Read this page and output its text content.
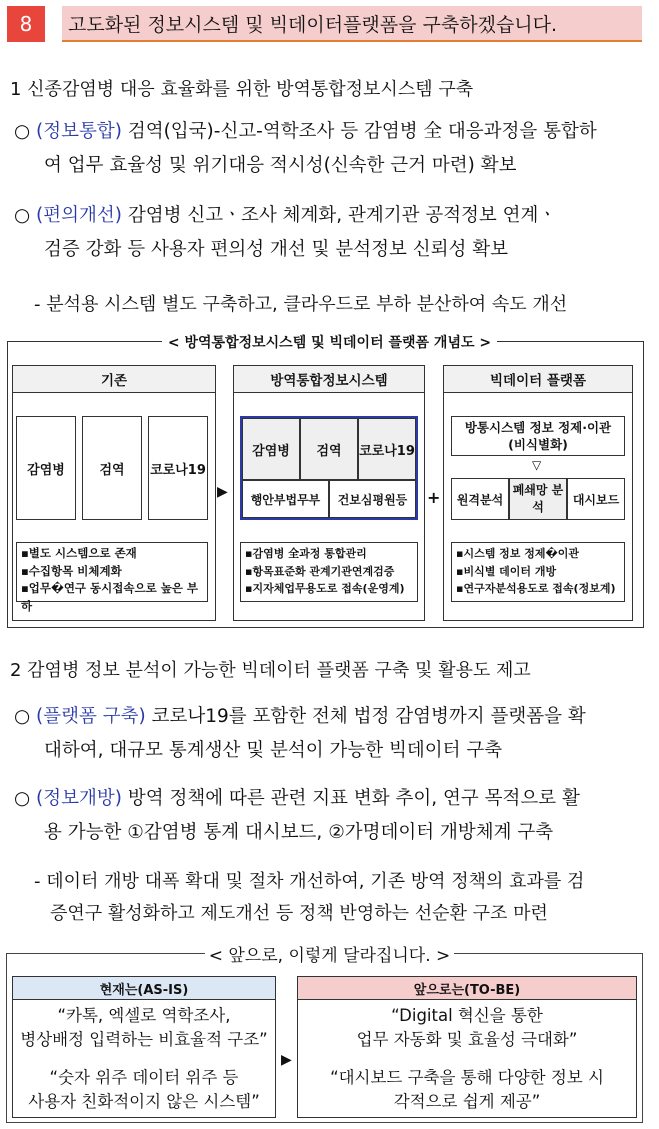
8	고도화된 정보시스템 및 빅데이터플랫폼을 구축하겠습니다.
1 신종감염병 대응 효율화를 위한 방역통합정보시스템 구축
○ (정보통합) 검역(입국)-신고-역학조사 등 감염병 全 대응과정을 통합하
여 업무 효율성 및 위기대응 적시성(신속한 근거 마련) 확보
○ (편의개선) 감염병 신고ㆍ조사 체계화, 관계기관 공적정보 연계ㆍ
검증 강화 등 사용자 편의성 개선 및 분석정보 신뢰성 확보
- 분석용 시스템 별도 구축하고, 클라우드로 부하 분산하여 속도 개선
< 방역통합정보시스템 및 빅데이터 플랫폼 개념도 >
기존
감염병	검역	코로나19
▪ 별도 시스템으로 존재
▪ 수집항목 비체계화
▪ 업무�연구 동시접속으로 높은 부하
▶
방역통합정보시스템
감염병	검역	코로나19
행안부법무부	건보심평원등
▪ 감염병 全과정 통합관리
▪ 항목표준화 관계기관연계검증
▪ 지자체업무용도로 접속(운영계)
+
빅데이터 플랫폼
방통시스템 정보 정제·이관
(비식별화)
▽
원격분석
폐쇄망 분석
대시보드
▪ 시스템 정보 정제�이관
▪ 비식별 데이터 개방
▪ 연구자분석용도로 접속(정보계)
2 감염병 정보 분석이 가능한 빅데이터 플랫폼 구축 및 활용도 제고
○ (플랫폼 구축) 코로나19를 포함한 전체 법정 감염병까지 플랫폼을 확
대하여, 대규모 통계생산 및 분석이 가능한 빅데이터 구축
○ (정보개방) 방역 정책에 따른 관련 지표 변화 추이, 연구 목적으로 활
용 가능한 ①감염병 통계 대시보드, ②가명데이터 개방체계 구축
- 데이터 개방 대폭 확대 및 절차 개선하여, 기존 방역 정책의 효과를 검
증연구 활성화하고 제도개선 등 정책 반영하는 선순환 구조 마련
< 앞으로, 이렇게 달라집니다. >
현재는(AS-IS)
“카톡, 엑셀로 역학조사,
병상배정 입력하는 비효율적 구조”
“숫자 위주 데이터 위주 등
사용자 친화적이지 않은 시스템”
▶
앞으로는(TO-BE)
“Digital 혁신을 통한
업무 자동화 및 효율성 극대화”
“대시보드 구축을 통해 다양한 정보 시
각적으로 쉽게 제공”
